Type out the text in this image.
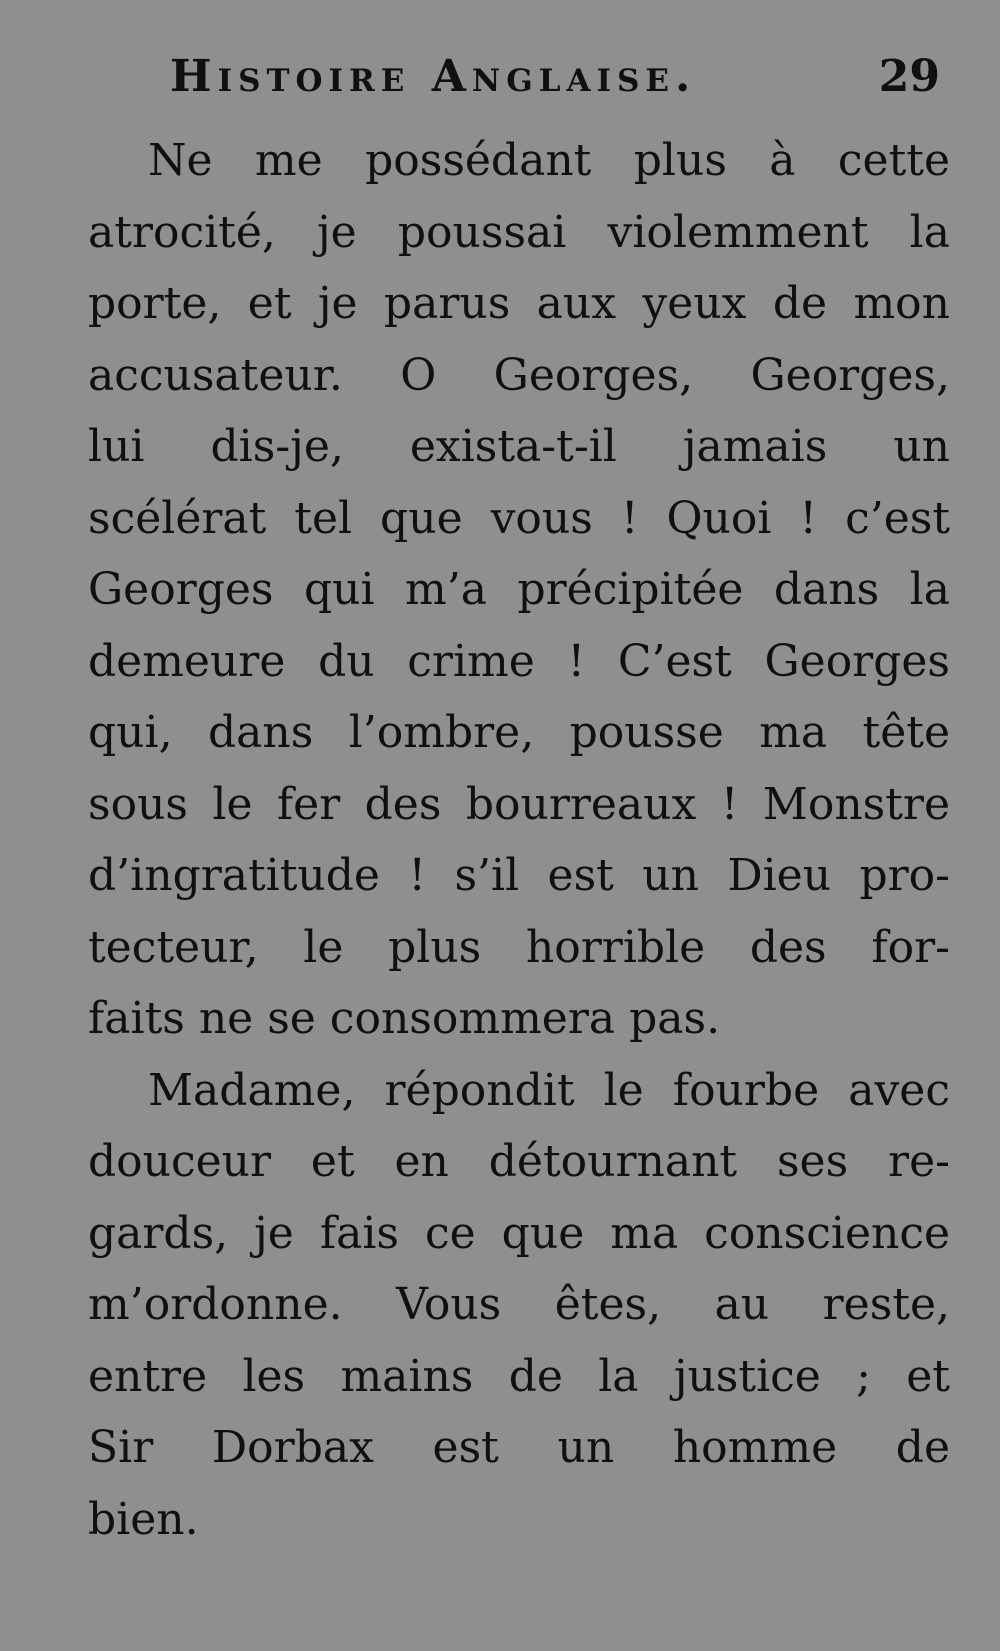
Histoire Anglaise.	29

Ne me possédant plus à cette
atrocité, je poussai violemment la
porte, et je parus aux yeux de mon
accusateur. O Georges, Georges,
lui dis-je, exista-t-il jamais un
scélérat tel que vous ! Quoi ! c’est
Georges qui m’a précipitée dans la
demeure du crime ! C’est Georges
qui, dans l’ombre, pousse ma tête
sous le fer des bourreaux ! Monstre
d’ingratitude ! s’il est un Dieu pro-
tecteur, le plus horrible des for-
faits ne se consommera pas.

Madame, répondit le fourbe avec
douceur et en détournant ses re-
gards, je fais ce que ma conscience
m’ordonne. Vous êtes, au reste,
entre les mains de la justice ; et
Sir Dorbax est un homme de
bien.
